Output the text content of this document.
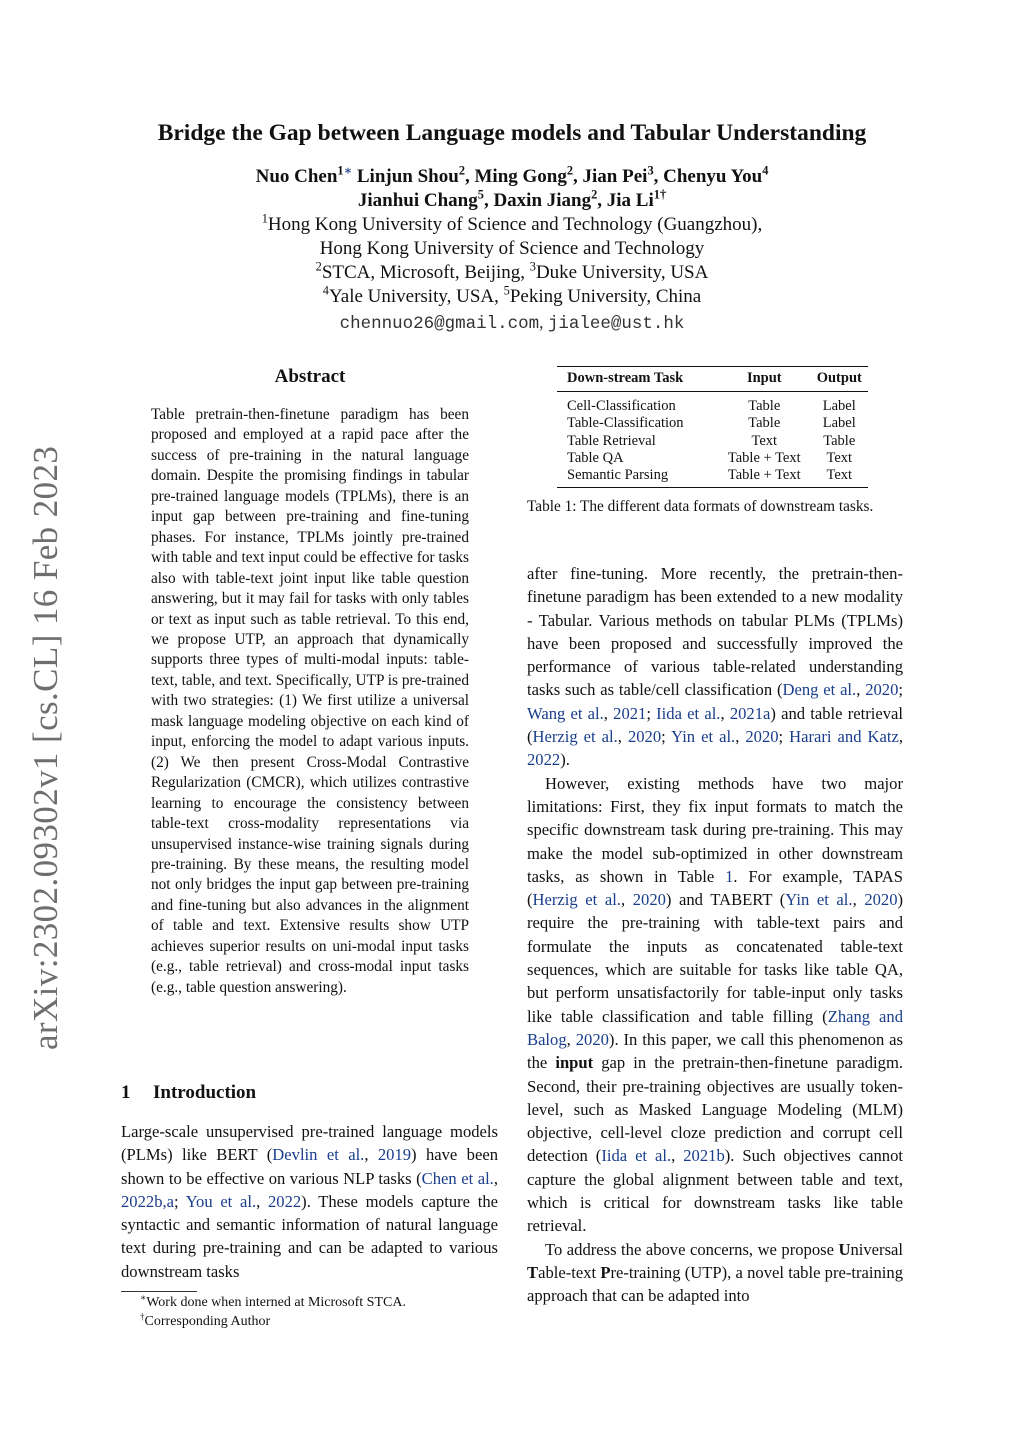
arXiv:2302.09302v1 [cs.CL] 16 Feb 2023
Bridge the Gap between Language models and Tabular Understanding
Nuo Chen$^{1∗}$ Linjun Shou$^2$, Ming Gong$^2$, Jian Pei$^3$, Chenyu You$^4$
Jianhui Chang$^5$, Daxin Jiang$^2$, Jia $Li^{1\dagger}$
$^1$Hong Kong University of Science and Technology (Guangzhou),
Hong Kong University of Science and Technology
$^2$STCA, Microsoft, Beijing, $^3$Duke University, USA
$^4$Yale University, USA, $^5$Peking University, China
chennuo26@gmail.com, jialee@ust.hk
Abstract
Table pretrain-then-finetune paradigm has been proposed and employed at a rapid pace after the success of pre-training in the natural language domain. Despite the promising findings in tabular pre-trained language models (TPLMs), there is an input gap between pre-training and fine-tuning phases. For instance, TPLMs jointly pre-trained with table and text input could be effective for tasks also with table-text joint input like table question answering, but it may fail for tasks with only tables or text as input such as table retrieval. To this end, we propose UTP, an approach that dynamically supports three types of multi-modal inputs: table-text, table, and text. Specifically, UTP is pre-trained with two strategies: (1) We first utilize a universal mask language modeling objective on each kind of input, enforcing the model to adapt various inputs. (2) We then present Cross-Modal Contrastive Regularization (CMCR), which utilizes contrastive learning to encourage the consistency between table-text cross-modality representations via unsupervised instance-wise training signals during pre-training. By these means, the resulting model not only bridges the input gap between pre-training and fine-tuning but also advances in the alignment of table and text. Extensive results show UTP achieves superior results on uni-modal input tasks (e.g., table retrieval) and cross-modal input tasks (e.g., table question answering).
1 Introduction
Large-scale unsupervised pre-trained language models (PLMs) like BERT (Devlin et al., 2019) have been shown to be effective on various NLP tasks (Chen et al., 2022b,a; You et al., 2022). These models capture the syntactic and semantic information of natural language text during pre-training and can be adapted to various downstream tasks
∗Work done when interned at Microsoft STCA.
†Corresponding Author
Down-stream Task	Input	Output
Cell-Classification	Table	Label
Table-Classification	Table	Label
Table Retrieval	Text	Table
Table QA	Table + Text	Text
Semantic Parsing	Table + Text	Text
Table 1: The different data formats of downstream tasks.

after fine-tuning. More recently, the pretrain-then-finetune paradigm has been extended to a new modality - Tabular. Various methods on tabular PLMs (TPLMs) have been proposed and successfully improved the performance of various table-related understanding tasks such as table/cell classification (Deng et al., 2020; Wang et al., 2021; Iida et al., 2021a) and table retrieval (Herzig et al., 2020; Yin et al., 2020; Harari and Katz, 2022).

However, existing methods have two major limitations: First, they fix input formats to match the specific downstream task during pre-training. This may make the model sub-optimized in other downstream tasks, as shown in Table 1. For example, TAPAS (Herzig et al., 2020) and TABERT (Yin et al., 2020) require the pre-training with table-text pairs and formulate the inputs as concatenated table-text sequences, which are suitable for tasks like table QA, but perform unsatisfactorily for table-input only tasks like table classification and table filling (Zhang and Balog, 2020). In this paper, we call this phenomenon as the input gap in the pretrain-then-finetune paradigm. Second, their pre-training objectives are usually token-level, such as Masked Language Modeling (MLM) objective, cell-level cloze prediction and corrupt cell detection (Iida et al., 2021b). Such objectives cannot capture the global alignment between table and text, which is critical for downstream tasks like table retrieval.

To address the above concerns, we propose Universal Table-text Pre-training (UTP), a novel table pre-training approach that can be adapted into
